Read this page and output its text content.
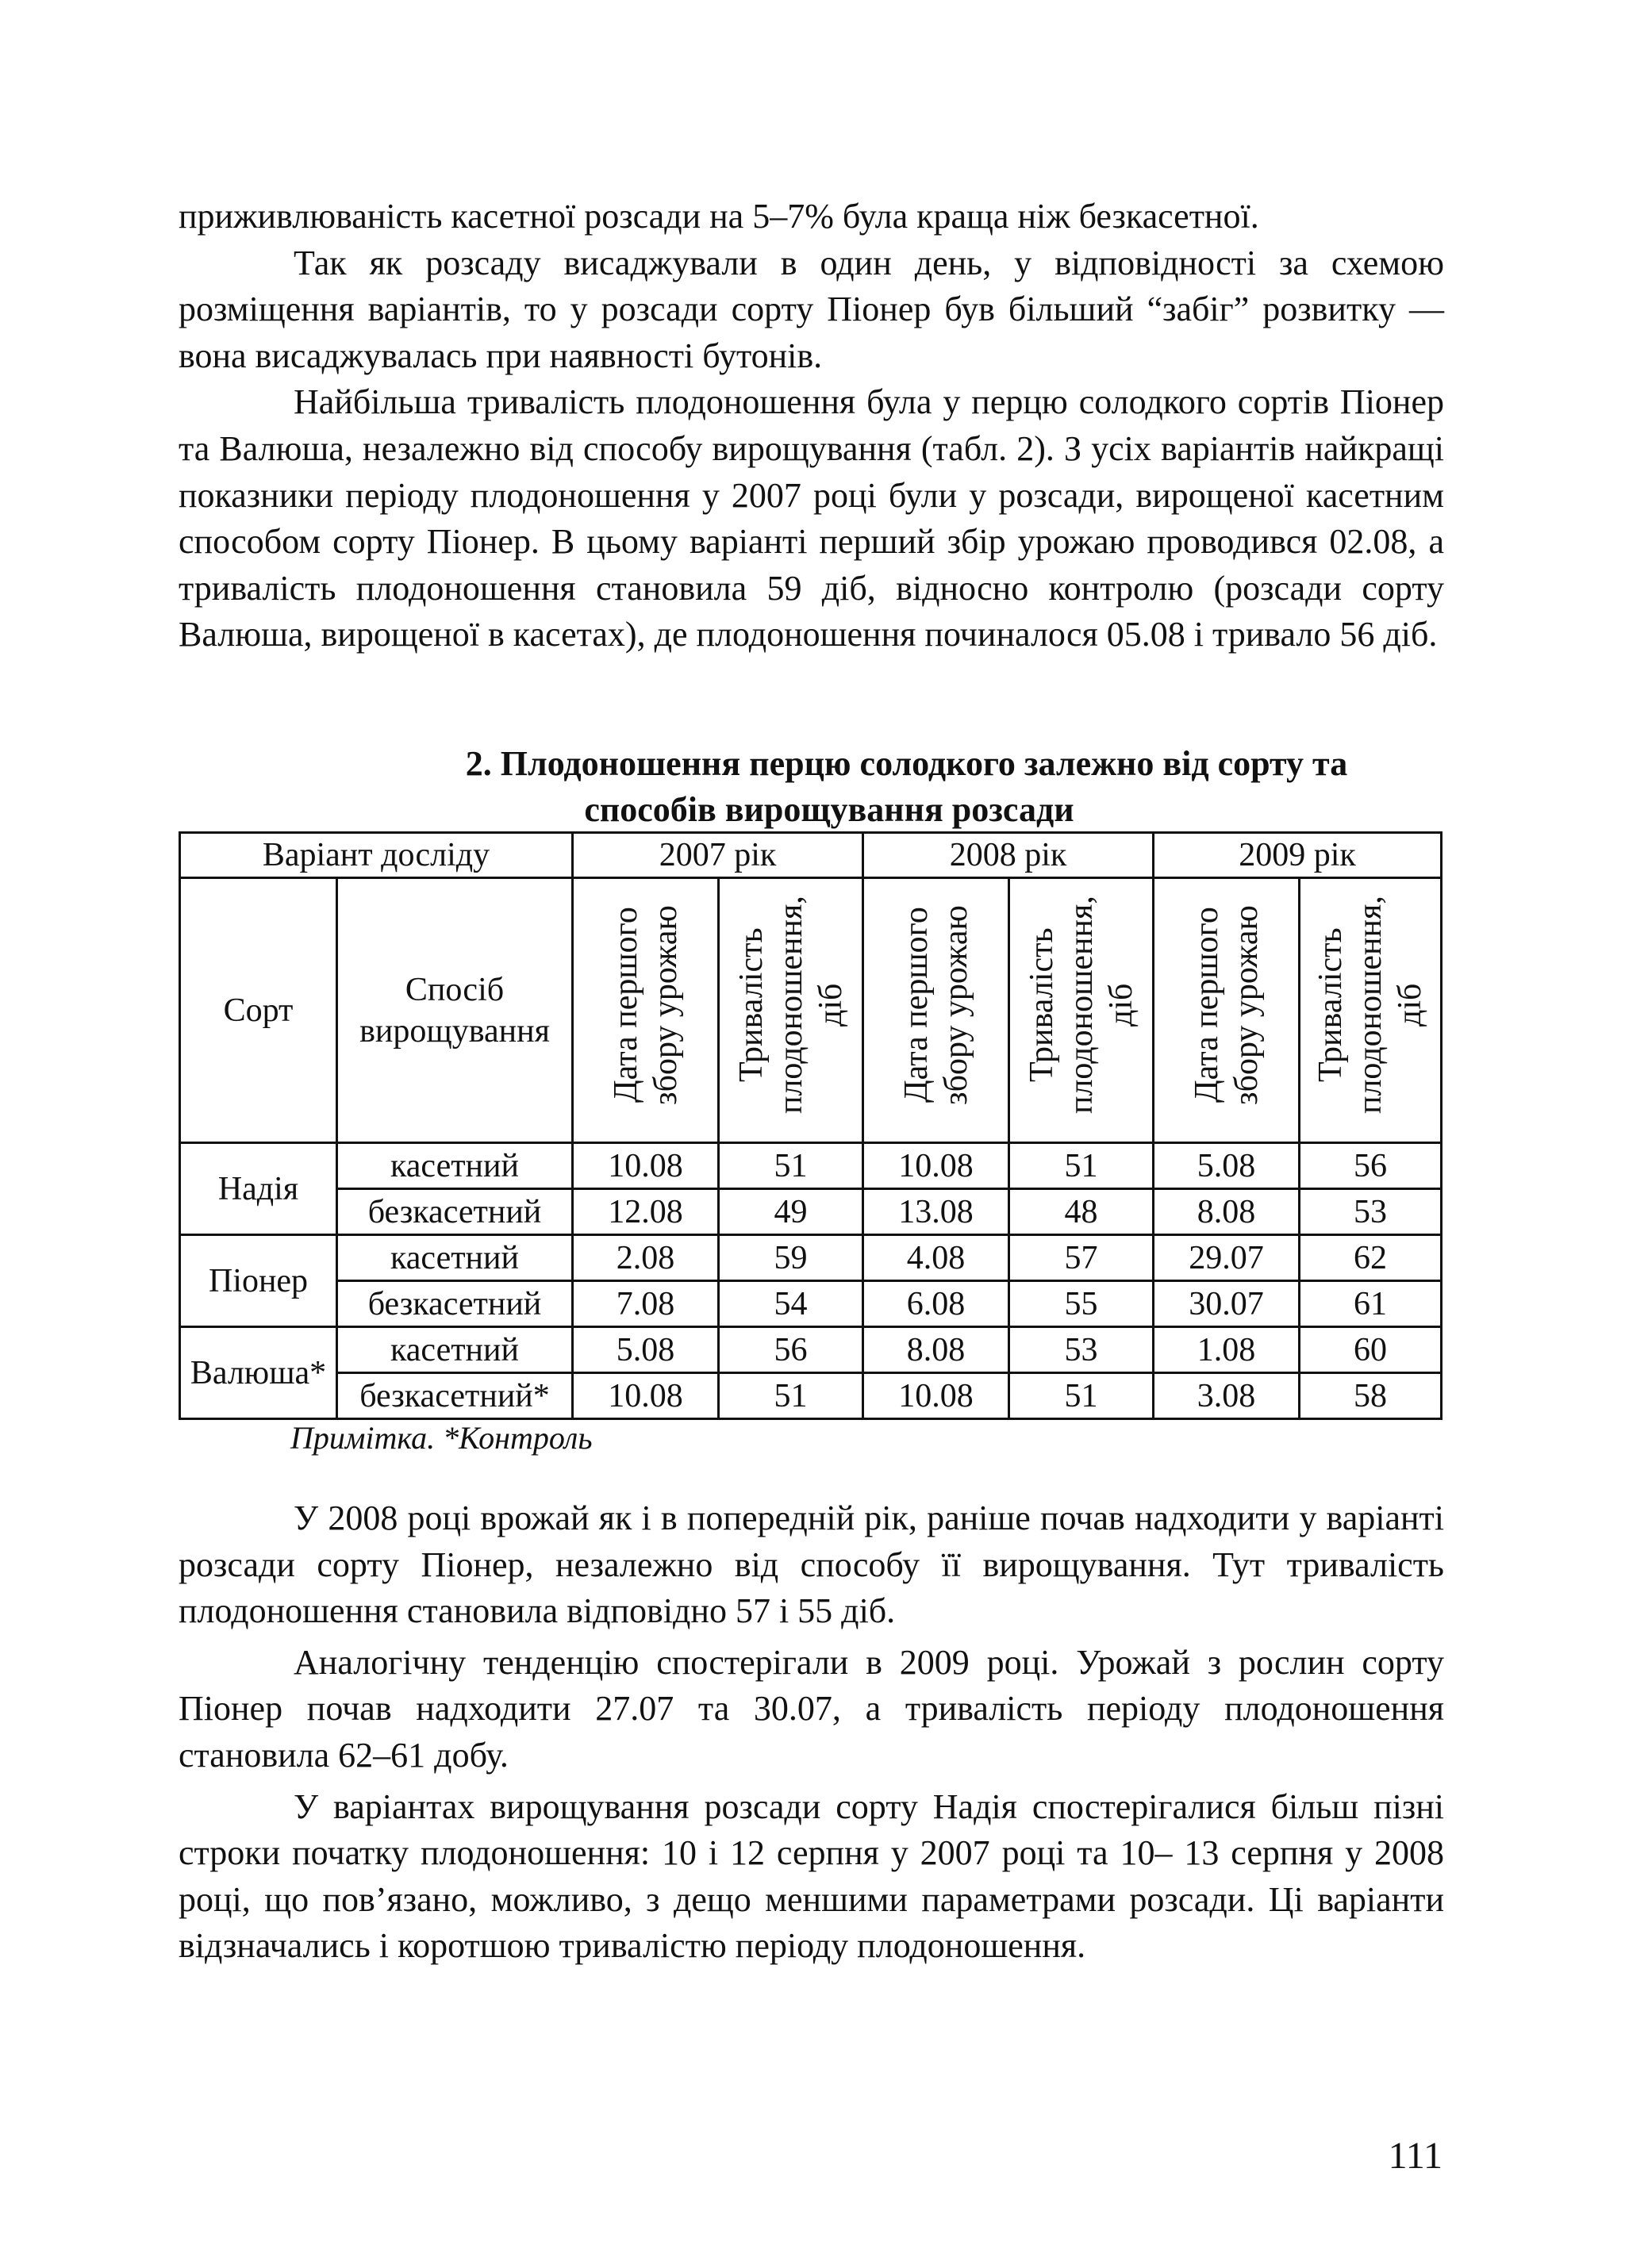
приживлюваність касетної розсади на 5–7% була краща ніж безкасетної.

Так як розсаду висаджували в один день, у відповідності за схемою розміщення варіантів, то у розсади сорту Піонер був більший “забіг” розвитку — вона висаджувалась при наявності бутонів.

Найбільша тривалість плодоношення була у перцю солодкого сортів Піонер та Валюша, незалежно від способу вирощування (табл. 2). З усіх варіантів найкращі показники періоду плодоношення у 2007 році були у розсади, вирощеної касетним способом сорту Піонер. В цьому варіанті перший збір урожаю проводився 02.08, а тривалість плодоношення становила 59 діб, відносно контролю (розсади сорту Валюша, вирощеної в касетах), де плодоношення починалося 05.08 і тривало 56 діб.

2. Плодоношення перцю солодкого залежно від сорту та
способів вирощування розсади
Варіант досліду		2007 рік		2008 рік		2009 рік	
Сорт	Спосіб вирощування	Дата першого збору урожаю	Тривалість плодоношення, діб	Дата першого збору урожаю	Тривалість плодоношення, діб	Дата першого збору урожаю	Тривалість плодоношення, діб
Надія	касетний	10.08	51	10.08	51	5.08	56
	безкасетний	12.08	49	13.08	48	8.08	53
Піонер	касетний	2.08	59	4.08	57	29.07	62
	безкасетний	7.08	54	6.08	55	30.07	61
Валюша*	касетний	5.08	56	8.08	53	1.08	60
	безкасетний*	10.08	51	10.08	51	3.08	58
Примітка. *Контроль

У 2008 році врожай як і в попередній рік, раніше почав надходити у варіанті розсади сорту Піонер, незалежно від способу її вирощування. Тут тривалість плодоношення становила відповідно 57 і 55 діб.

Аналогічну тенденцію спостерігали в 2009 році. Урожай з рослин сорту Піонер почав надходити 27.07 та 30.07, а тривалість періоду плодоношення становила 62–61 добу.

У варіантах вирощування розсади сорту Надія спостерігалися більш пізні строки початку плодоношення: 10 і 12 серпня у 2007 році та 10– 13 серпня у 2008 році, що пов’язано, можливо, з дещо меншими параметрами розсади. Ці варіанти відзначались і коротшою тривалістю періоду плодоношення.

111
